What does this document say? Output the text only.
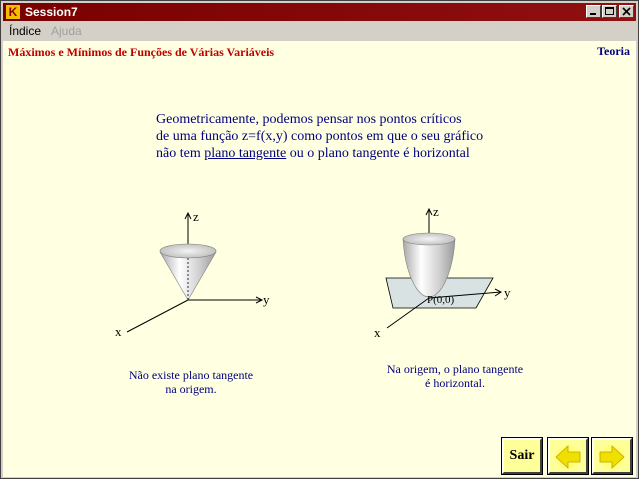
K Session7
Índice Ajuda
Máximos e Mínimos de Funções de Várias Variáveis	Teoria
Geometricamente, podemos pensar nos pontos críticos
de uma função z=f(x,y) como pontos em que o seu gráfico
não tem plano tangente ou o plano tangente é horizontal
z
y
x
z
y
x
P(0,0)
Não existe plano tangente
na origem.
Na origem, o plano tangente
é horizontal.
Sair
